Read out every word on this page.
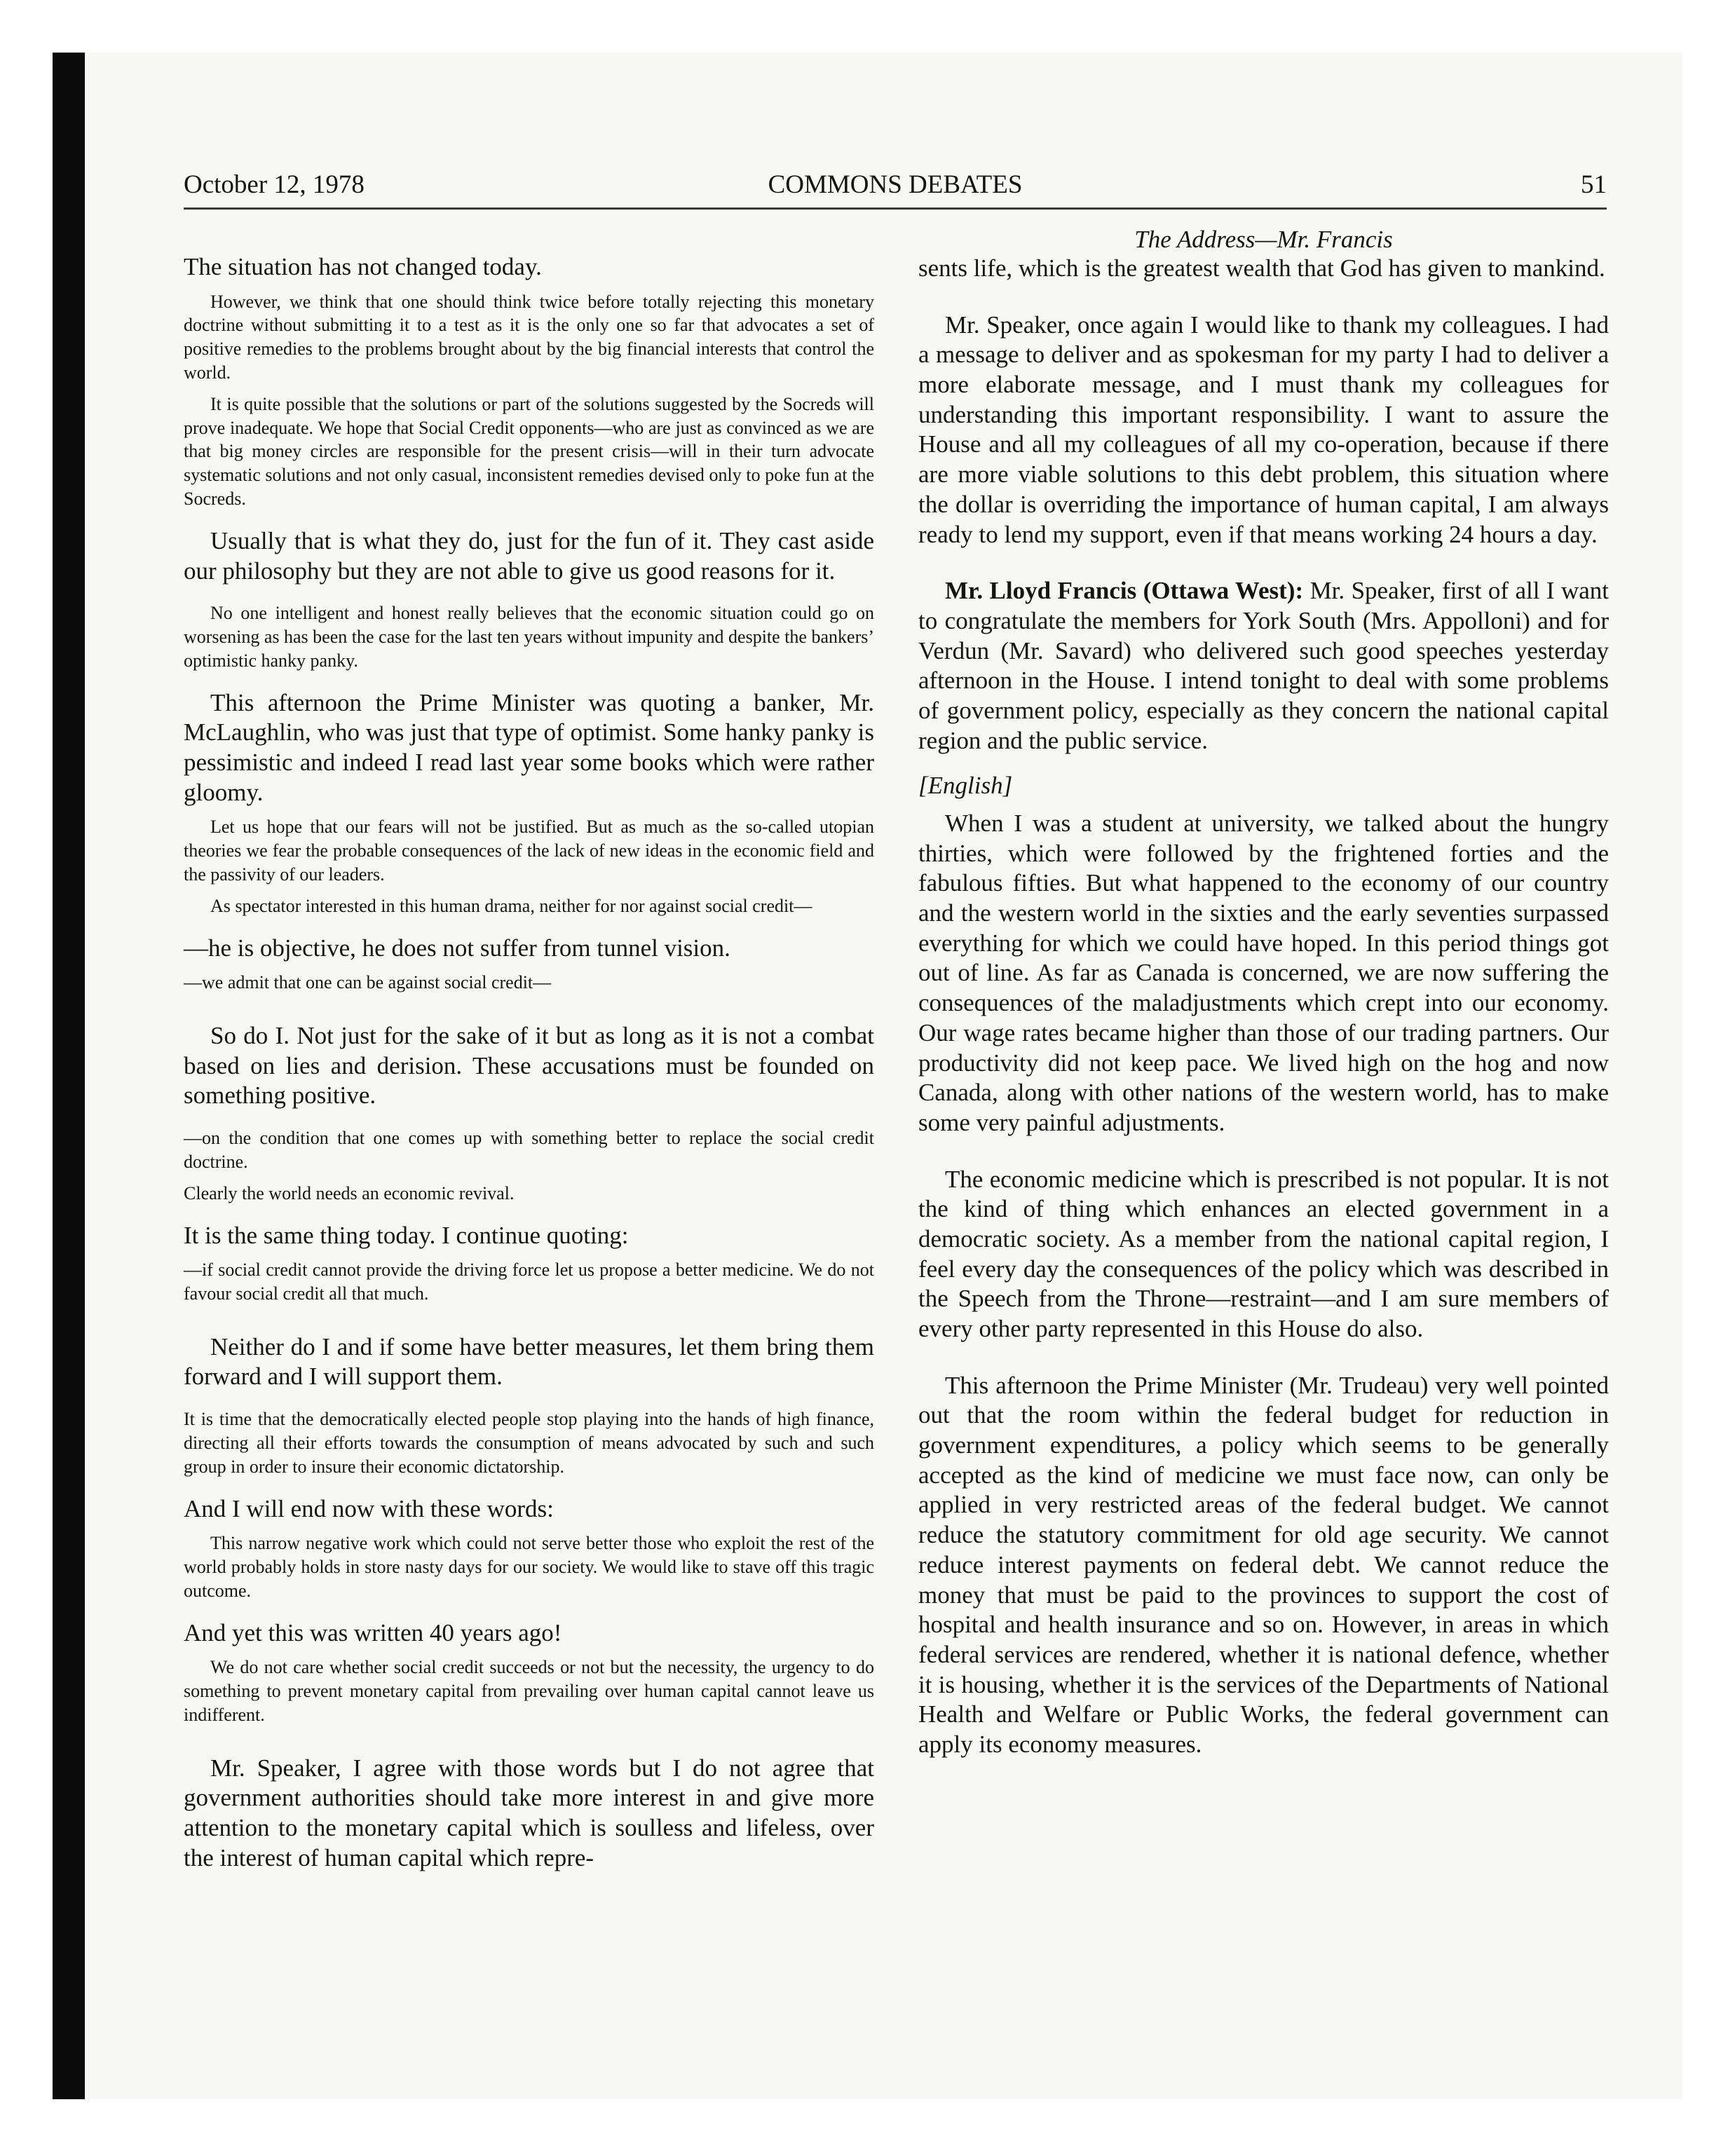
October 12, 1978	COMMONS DEBATES	51

The situation has not changed today.

However, we think that one should think twice before totally rejecting this monetary doctrine without submitting it to a test as it is the only one so far that advocates a set of positive remedies to the problems brought about by the big financial interests that control the world.

It is quite possible that the solutions or part of the solutions suggested by the Socreds will prove inadequate. We hope that Social Credit opponents—who are just as convinced as we are that big money circles are responsible for the present crisis—will in their turn advocate systematic solutions and not only casual, inconsistent remedies devised only to poke fun at the Socreds.

Usually that is what they do, just for the fun of it. They cast aside our philosophy but they are not able to give us good reasons for it.

No one intelligent and honest really believes that the economic situation could go on worsening as has been the case for the last ten years without impunity and despite the bankers’ optimistic hanky panky.

This afternoon the Prime Minister was quoting a banker, Mr. McLaughlin, who was just that type of optimist. Some hanky panky is pessimistic and indeed I read last year some books which were rather gloomy.

Let us hope that our fears will not be justified. But as much as the so-called utopian theories we fear the probable consequences of the lack of new ideas in the economic field and the passivity of our leaders.

As spectator interested in this human drama, neither for nor against social credit—

—he is objective, he does not suffer from tunnel vision.

—we admit that one can be against social credit—

So do I. Not just for the sake of it but as long as it is not a combat based on lies and derision. These accusations must be founded on something positive.

—on the condition that one comes up with something better to replace the social credit doctrine.

Clearly the world needs an economic revival.

It is the same thing today. I continue quoting:

—if social credit cannot provide the driving force let us propose a better medicine. We do not favour social credit all that much.

Neither do I and if some have better measures, let them bring them forward and I will support them.

It is time that the democratically elected people stop playing into the hands of high finance, directing all their efforts towards the consumption of means advocated by such and such group in order to insure their economic dictatorship.

And I will end now with these words:

This narrow negative work which could not serve better those who exploit the rest of the world probably holds in store nasty days for our society. We would like to stave off this tragic outcome.

And yet this was written 40 years ago!

We do not care whether social credit succeeds or not but the necessity, the urgency to do something to prevent monetary capital from prevailing over human capital cannot leave us indifferent.

Mr. Speaker, I agree with those words but I do not agree that government authorities should take more interest in and give more attention to the monetary capital which is soulless and lifeless, over the interest of human capital which repre-

The Address—Mr. Francis

sents life, which is the greatest wealth that God has given to mankind.

Mr. Speaker, once again I would like to thank my colleagues. I had a message to deliver and as spokesman for my party I had to deliver a more elaborate message, and I must thank my colleagues for understanding this important responsibility. I want to assure the House and all my colleagues of all my co-operation, because if there are more viable solutions to this debt problem, this situation where the dollar is overriding the importance of human capital, I am always ready to lend my support, even if that means working 24 hours a day.

Mr. Lloyd Francis (Ottawa West): Mr. Speaker, first of all I want to congratulate the members for York South (Mrs. Appolloni) and for Verdun (Mr. Savard) who delivered such good speeches yesterday afternoon in the House. I intend tonight to deal with some problems of government policy, especially as they concern the national capital region and the public service.

[English]

When I was a student at university, we talked about the hungry thirties, which were followed by the frightened forties and the fabulous fifties. But what happened to the economy of our country and the western world in the sixties and the early seventies surpassed everything for which we could have hoped. In this period things got out of line. As far as Canada is concerned, we are now suffering the consequences of the maladjustments which crept into our economy. Our wage rates became higher than those of our trading partners. Our productivity did not keep pace. We lived high on the hog and now Canada, along with other nations of the western world, has to make some very painful adjustments.

The economic medicine which is prescribed is not popular. It is not the kind of thing which enhances an elected government in a democratic society. As a member from the national capital region, I feel every day the consequences of the policy which was described in the Speech from the Throne—restraint—and I am sure members of every other party represented in this House do also.

This afternoon the Prime Minister (Mr. Trudeau) very well pointed out that the room within the federal budget for reduction in government expenditures, a policy which seems to be generally accepted as the kind of medicine we must face now, can only be applied in very restricted areas of the federal budget. We cannot reduce the statutory commitment for old age security. We cannot reduce interest payments on federal debt. We cannot reduce the money that must be paid to the provinces to support the cost of hospital and health insurance and so on. However, in areas in which federal services are rendered, whether it is national defence, whether it is housing, whether it is the services of the Departments of National Health and Welfare or Public Works, the federal government can apply its economy measures.
